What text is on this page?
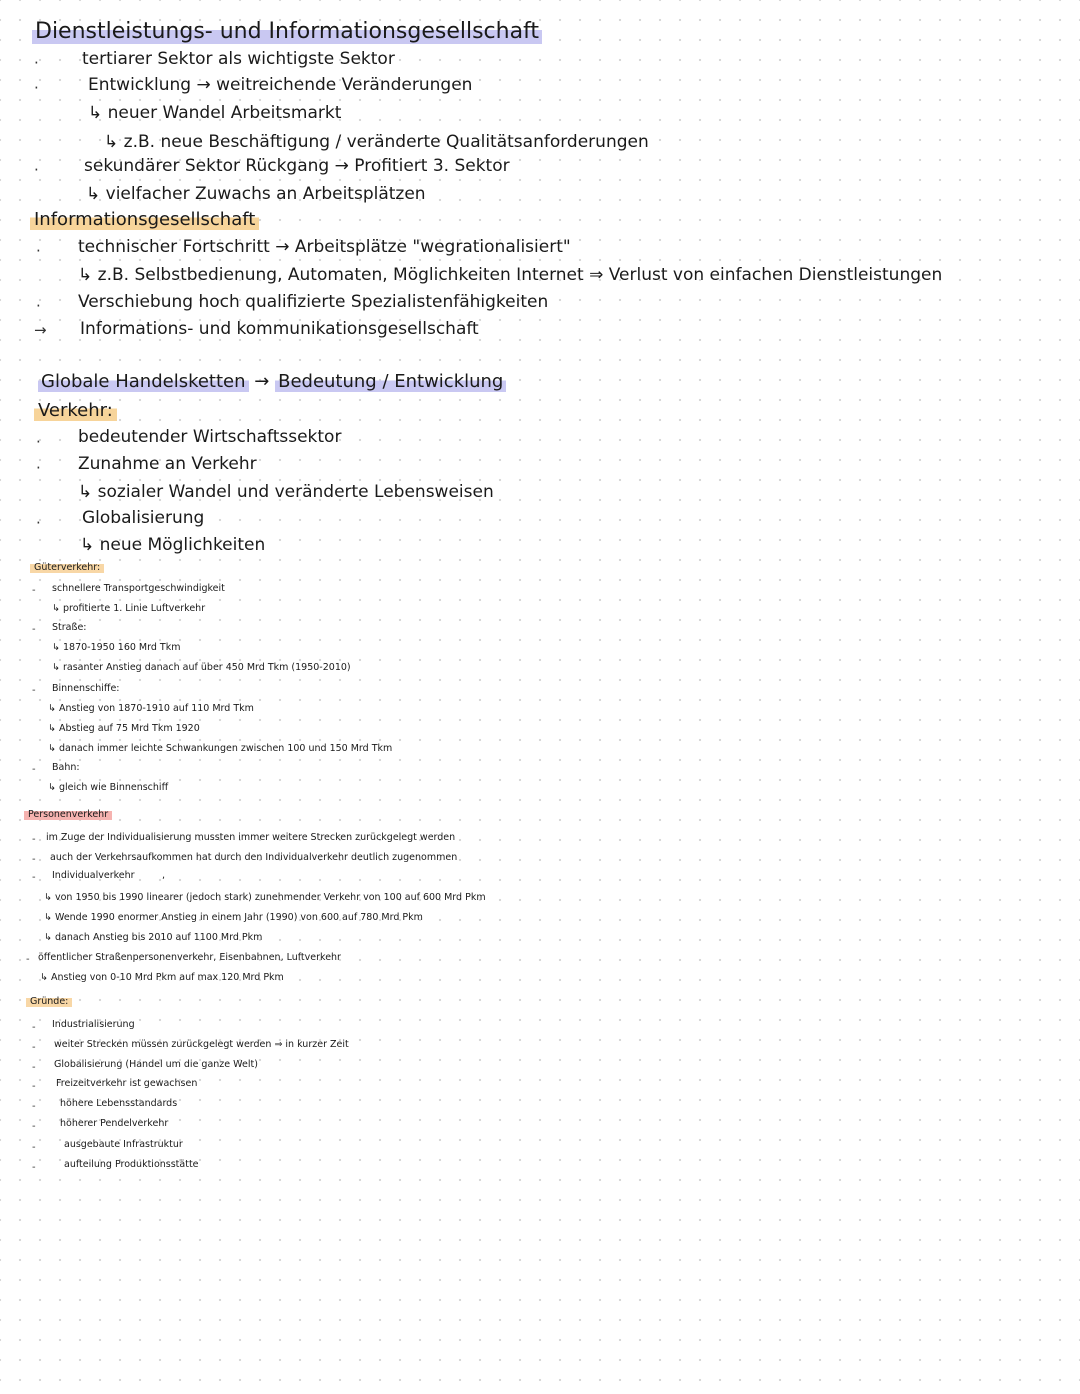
Dienstleistungs- und Informationsgesellschaft
·	tertiarer Sektor als wichtigste Sektor
·	Entwicklung → weitreichende Veränderungen
↳ neuer Wandel Arbeitsmarkt
↳ z.B. neue Beschäftigung / veränderte Qualitätsanforderungen
·	sekundärer Sektor Rückgang → Profitiert 3. Sektor
↳ vielfacher Zuwachs an Arbeitsplätzen
Informationsgesellschaft
· technischer Fortschritt → Arbeitsplätze "wegrationalisiert"
↳ z.B. Selbstbedienung, Automaten, Möglichkeiten Internet ⇒ Verlust von einfachen Dienstleistungen
· Verschiebung hoch qualifizierte Spezialistenfähigkeiten
→ Informations- und kommunikationsgesellschaft
Globale Handelsketten → Bedeutung / Entwicklung
Verkehr:
· bedeutender Wirtschaftssektor
· Zunahme an Verkehr
↳ sozialer Wandel und veränderte Lebensweisen
· Globalisierung
↳ neue Möglichkeiten
Güterverkehr:
- schnellere Transportgeschwindigkeit
↳ profitierte 1. Linie Luftverkehr
- Straße:
↳ 1870-1950 160 Mrd Tkm
↳ rasanter Anstieg danach auf über 450 Mrd Tkm (1950-2010)
- Binnenschiffe:
↳ Anstieg von 1870-1910 auf 110 Mrd Tkm
↳ Abstieg auf 75 Mrd Tkm 1920
↳ danach immer leichte Schwankungen zwischen 100 und 150 Mrd Tkm
- Bahn:
↳ gleich wie Binnenschiff
Personenverkehr
- im Zuge der Individualisierung mussten immer weitere Strecken zurückgelegt werden
- auch der Verkehrsaufkommen hat durch den Individualverkehr deutlich zugenommen
- Individualverkehr	,
↳ von 1950 bis 1990 linearer (jedoch stark) zunehmender Verkehr von 100 auf 600 Mrd Pkm
↳ Wende 1990 enormer Anstieg in einem Jahr (1990) von 600 auf 780 Mrd Pkm
↳ danach Anstieg bis 2010 auf 1100 Mrd Pkm
- öffentlicher Straßenpersonenverkehr, Eisenbahnen, Luftverkehr
↳ Anstieg von 0-10 Mrd Pkm auf max 120 Mrd Pkm
Gründe:
- Industrialisierung
- weiter Strecken müssen zurückgelegt werden ⇒ in kurzer Zeit
- Globalisierung (Handel um die ganze Welt)
- Freizeitverkehr ist gewachsen
-	höhere Lebensstandards
-	höherer Pendelverkehr
-	ausgebaute Infrastruktur
-	aufteilung Produktionsstätte
